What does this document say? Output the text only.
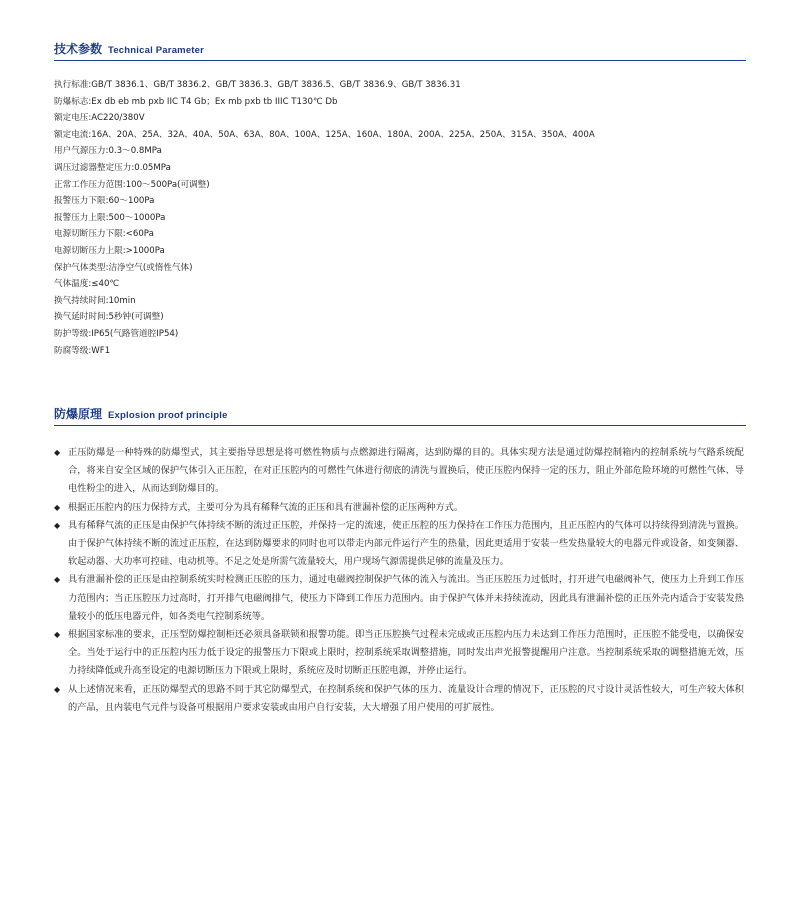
技术参数 Technical Parameter
执行标准:GB/T 3836.1、GB/T 3836.2、GB/T 3836.3、GB/T 3836.5、GB/T 3836.9、GB/T 3836.31
防爆标志:Ex db eb mb pxb IIC T4 Gb；Ex mb pxb tb IIIC T130℃ Db
额定电压:AC220/380V
额定电流:16A、20A、25A、32A、40A、50A、63A、80A、100A、125A、160A、180A、200A、225A、250A、315A、350A、400A
用户气源压力:0.3～0.8MPa
调压过滤器整定压力:0.05MPa
正常工作压力范围:100～500Pa(可调整)
报警压力下限:60～100Pa
报警压力上限:500～1000Pa
电源切断压力下限:<60Pa
电源切断压力上限:>1000Pa
保护气体类型:洁净空气(或惰性气体)
气体温度:≤40℃
换气持续时间:10min
换气延时时间:5秒钟(可调整)
防护等级:IP65(气路管道腔IP54)
防腐等级:WF1
防爆原理 Explosion proof principle
◆ 正压防爆是一种特殊的防爆型式，其主要指导思想是将可燃性物质与点燃源进行隔离，达到防爆的目的。具体实现方法是通过防爆控制箱内的控制系统与气路系统配合，将来自安全区域的保护气体引入正压腔，在对正压腔内的可燃性气体进行彻底的清洗与置换后，使正压腔内保持一定的压力，阻止外部危险环境的可燃性气体、导电性粉尘的进入，从而达到防爆目的。
◆ 根据正压腔内的压力保持方式，主要可分为具有稀释气流的正压和具有泄漏补偿的正压两种方式。
◆ 具有稀释气流的正压是由保护气体持续不断的流过正压腔，并保持一定的流速，使正压腔的压力保持在工作压力范围内，且正压腔内的气体可以持续得到清洗与置换。由于保护气体持续不断的流过正压腔，在达到防爆要求的同时也可以带走内部元件运行产生的热量，因此更适用于安装一些发热量较大的电器元件或设备，如变频器、软起动器、大功率可控硅、电动机等。不足之处是所需气流量较大，用户现场气源需提供足够的流量及压力。
◆ 具有泄漏补偿的正压是由控制系统实时检测正压腔的压力，通过电磁阀控制保护气体的流入与流出。当正压腔压力过低时，打开进气电磁阀补气，使压力上升到工作压力范围内；当正压腔压力过高时，打开排气电磁阀排气，使压力下降到工作压力范围内。由于保护气体并未持续流动，因此具有泄漏补偿的正压外壳内适合于安装发热量较小的低压电器元件，如各类电气控制系统等。
◆ 根据国家标准的要求，正压型防爆控制柜还必须具备联锁和报警功能。即当正压腔换气过程未完成或正压腔内压力未达到工作压力范围时，正压腔不能受电，以确保安全。当处于运行中的正压腔内压力低于设定的报警压力下限或上限时，控制系统采取调整措施，同时发出声光报警提醒用户注意。当控制系统采取的调整措施无效，压力持续降低或升高至设定的电源切断压力下限或上限时，系统应及时切断正压腔电源，并停止运行。
◆ 从上述情况来看，正压防爆型式的思路不同于其它防爆型式，在控制系统和保护气体的压力、流量设计合理的情况下，正压腔的尺寸设计灵活性较大，可生产较大体积的产品，且内装电气元件与设备可根据用户要求安装或由用户自行安装，大大增强了用户使用的可扩展性。
